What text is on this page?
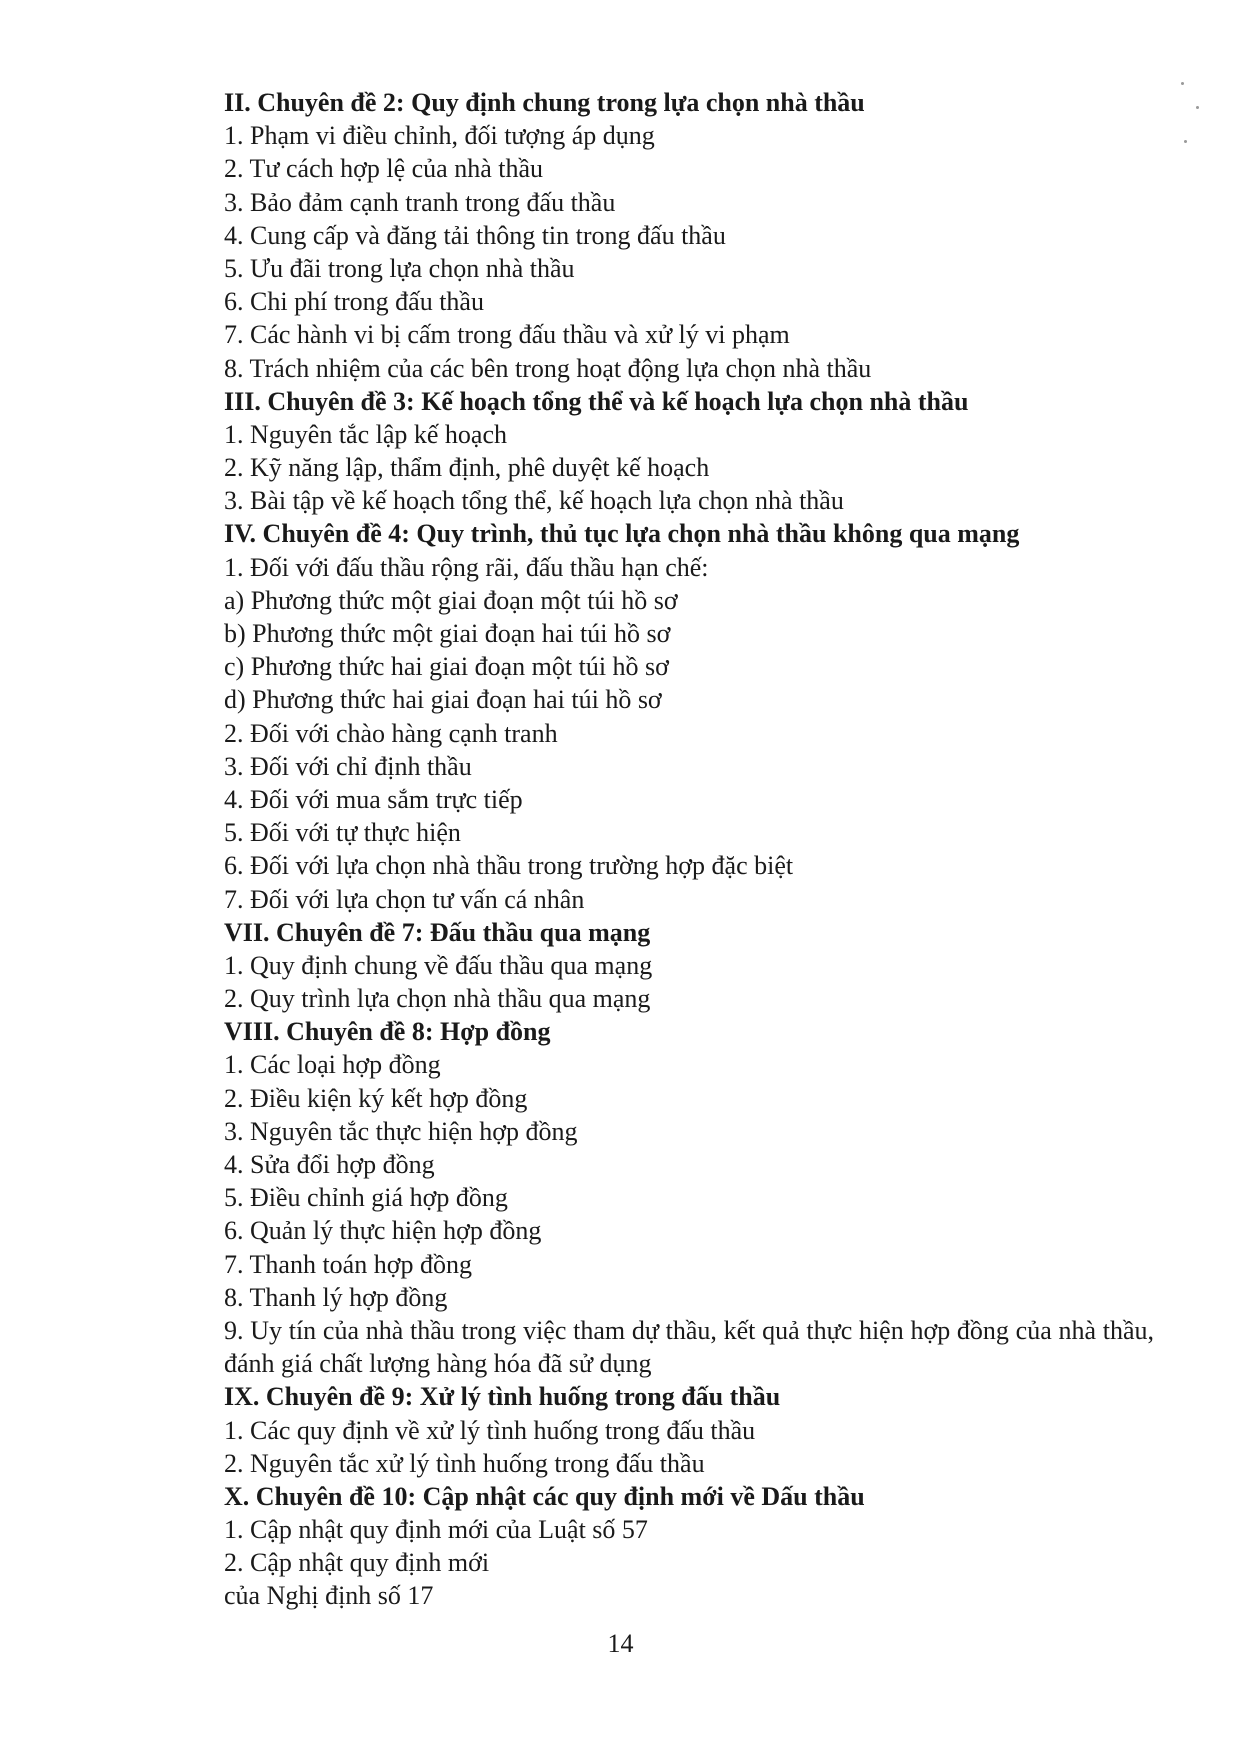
II. Chuyên đề 2: Quy định chung trong lựa chọn nhà thầu
1. Phạm vi điều chỉnh, đối tượng áp dụng
2. Tư cách hợp lệ của nhà thầu
3. Bảo đảm cạnh tranh trong đấu thầu
4. Cung cấp và đăng tải thông tin trong đấu thầu
5. Ưu đãi trong lựa chọn nhà thầu
6. Chi phí trong đấu thầu
7. Các hành vi bị cấm trong đấu thầu và xử lý vi phạm
8. Trách nhiệm của các bên trong hoạt động lựa chọn nhà thầu
III. Chuyên đề 3: Kế hoạch tổng thể và kế hoạch lựa chọn nhà thầu
1. Nguyên tắc lập kế hoạch
2. Kỹ năng lập, thẩm định, phê duyệt kế hoạch
3. Bài tập về kế hoạch tổng thể, kế hoạch lựa chọn nhà thầu
IV. Chuyên đề 4: Quy trình, thủ tục lựa chọn nhà thầu không qua mạng
1. Đối với đấu thầu rộng rãi, đấu thầu hạn chế:
a) Phương thức một giai đoạn một túi hồ sơ
b) Phương thức một giai đoạn hai túi hồ sơ
c) Phương thức hai giai đoạn một túi hồ sơ
d) Phương thức hai giai đoạn hai túi hồ sơ
2. Đối với chào hàng cạnh tranh
3. Đối với chỉ định thầu
4. Đối với mua sắm trực tiếp
5. Đối với tự thực hiện
6. Đối với lựa chọn nhà thầu trong trường hợp đặc biệt
7. Đối với lựa chọn tư vấn cá nhân
VII. Chuyên đề 7: Đấu thầu qua mạng
1. Quy định chung về đấu thầu qua mạng
2. Quy trình lựa chọn nhà thầu qua mạng
VIII. Chuyên đề 8: Hợp đồng
1. Các loại hợp đồng
2. Điều kiện ký kết hợp đồng
3. Nguyên tắc thực hiện hợp đồng
4. Sửa đổi hợp đồng
5. Điều chỉnh giá hợp đồng
6. Quản lý thực hiện hợp đồng
7. Thanh toán hợp đồng
8. Thanh lý hợp đồng
9. Uy tín của nhà thầu trong việc tham dự thầu, kết quả thực hiện hợp đồng của nhà thầu, đánh giá chất lượng hàng hóa đã sử dụng
IX. Chuyên đề 9: Xử lý tình huống trong đấu thầu
1. Các quy định về xử lý tình huống trong đấu thầu
2. Nguyên tắc xử lý tình huống trong đấu thầu
X. Chuyên đề 10: Cập nhật các quy định mới về Dấu thầu
1. Cập nhật quy định mới của Luật số 57
2. Cập nhật quy định mới
của Nghị định số 17
14
